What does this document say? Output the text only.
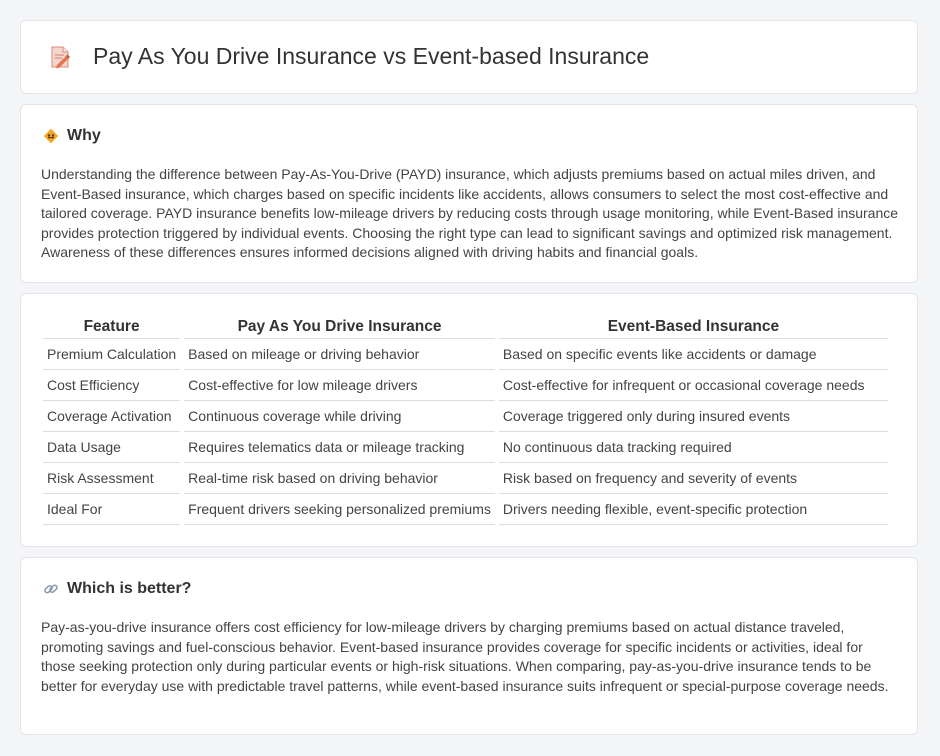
Pay As You Drive Insurance vs Event-based Insurance
Why

Understanding the difference between Pay-As-You-Drive (PAYD) insurance, which adjusts premiums based on actual miles driven, and Event-Based insurance, which charges based on specific incidents like accidents, allows consumers to select the most cost-effective and tailored coverage. PAYD insurance benefits low-mileage drivers by reducing costs through usage monitoring, while Event-Based insurance provides protection triggered by individual events. Choosing the right type can lead to significant savings and optimized risk management. Awareness of these differences ensures informed decisions aligned with driving habits and financial goals.

Feature	Pay As You Drive Insurance	Event-Based Insurance
Premium Calculation	Based on mileage or driving behavior	Based on specific events like accidents or damage
Cost Efficiency	Cost-effective for low mileage drivers	Cost-effective for infrequent or occasional coverage needs
Coverage Activation	Continuous coverage while driving	Coverage triggered only during insured events
Data Usage	Requires telematics data or mileage tracking	No continuous data tracking required
Risk Assessment	Real-time risk based on driving behavior	Risk based on frequency and severity of events
Ideal For	Frequent drivers seeking personalized premiums	Drivers needing flexible, event-specific protection
Which is better?

Pay-as-you-drive insurance offers cost efficiency for low-mileage drivers by charging premiums based on actual distance traveled, promoting savings and fuel-conscious behavior. Event-based insurance provides coverage for specific incidents or activities, ideal for those seeking protection only during particular events or high-risk situations. When comparing, pay-as-you-drive insurance tends to be better for everyday use with predictable travel patterns, while event-based insurance suits infrequent or special-purpose coverage needs.
